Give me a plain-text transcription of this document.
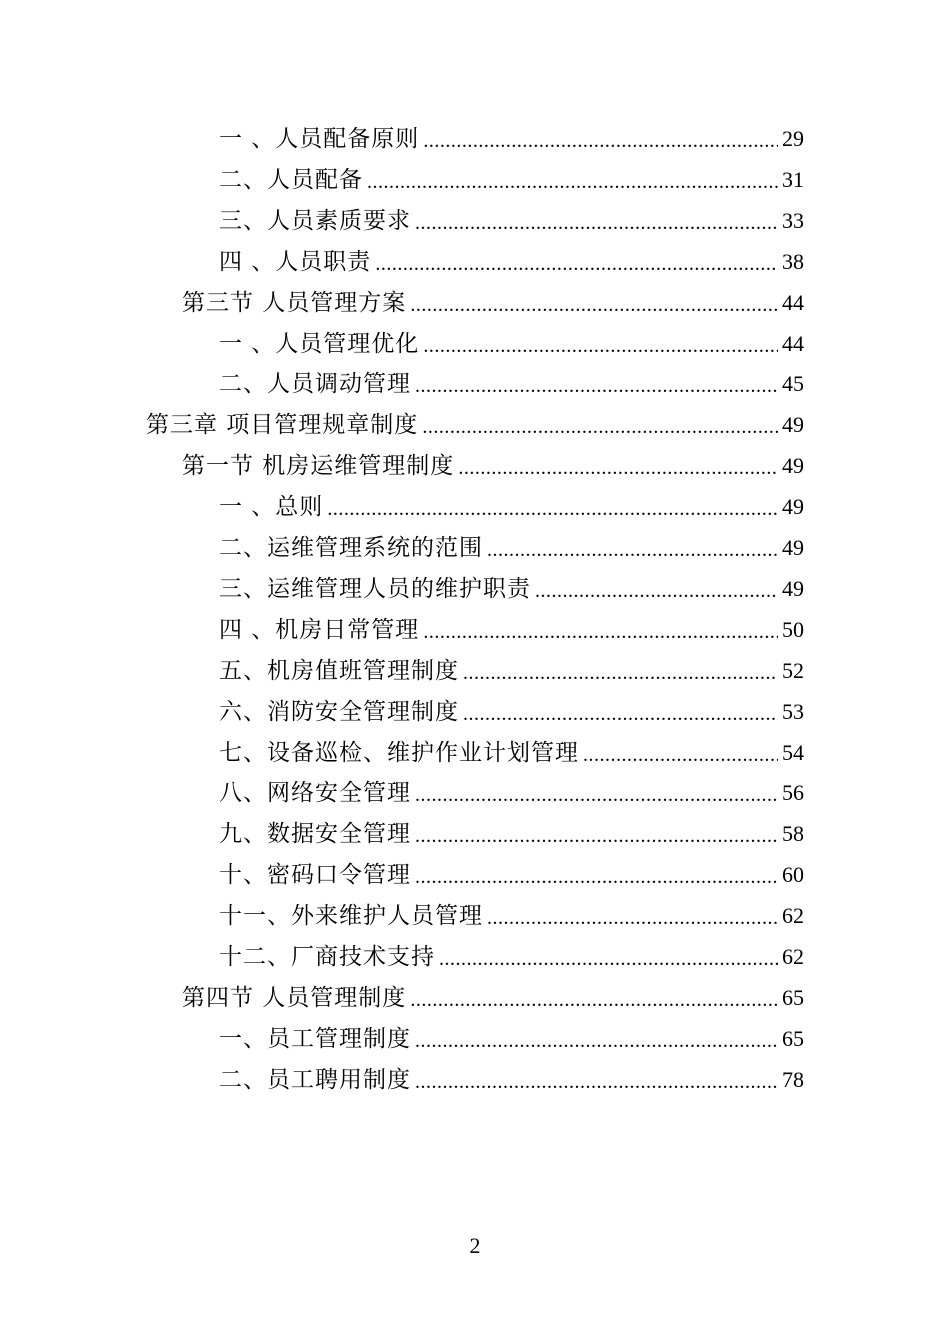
一 、人员配备原则 .....	29
二、人员配备 .....	31
三、人员素质要求 .....	33
四 、人员职责 .....	38
第三节 人员管理方案 .....	44
一 、人员管理优化 .....	44
二、人员调动管理 .....	45
第三章 项目管理规章制度 .....	49
第一节 机房运维管理制度 .....	49
一 、总则 .....	49
二、运维管理系统的范围 .....	49
三、运维管理人员的维护职责 .....	49
四 、机房日常管理 .....	50
五、机房值班管理制度 .....	52
六、消防安全管理制度 .....	53
七、设备巡检、维护作业计划管理 .....	54
八、网络安全管理 .....	56
九、数据安全管理 .....	58
十、密码口令管理 .....	60
十一、外来维护人员管理 .....	62
十二、厂商技术支持 .....	62
第四节 人员管理制度 .....	65
一、员工管理制度 .....	65
二、员工聘用制度 .....	78
2
